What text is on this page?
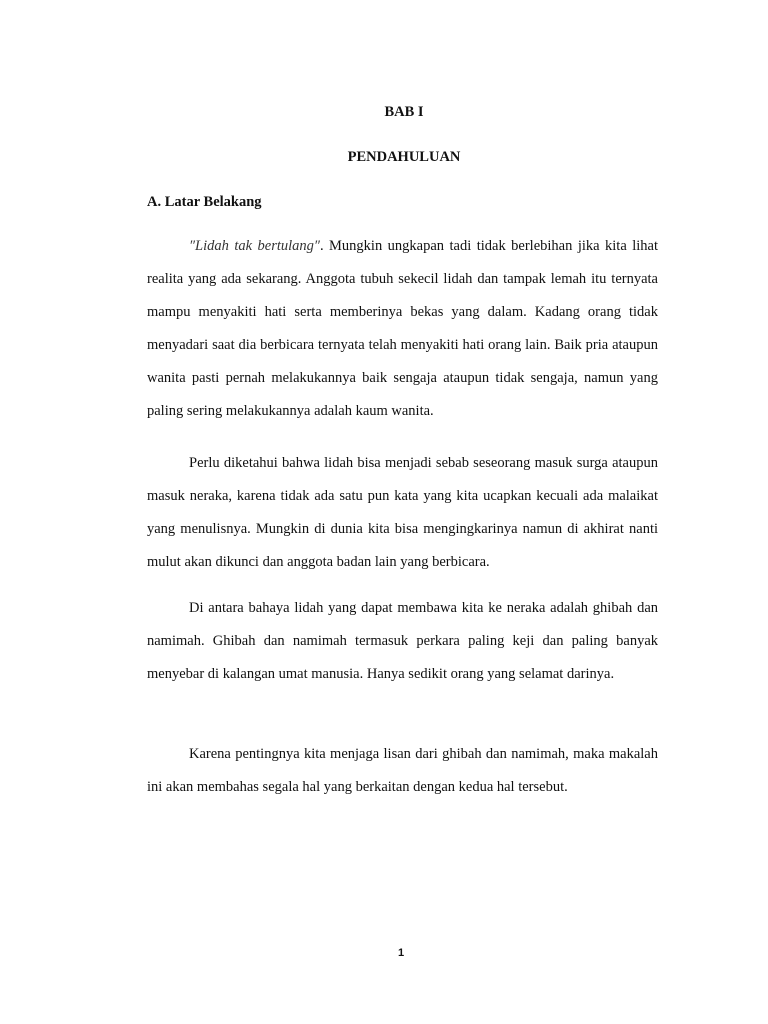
BAB I

PENDAHULUAN

A. Latar Belakang

″Lidah tak bertulang″. Mungkin ungkapan tadi tidak berlebihan jika kita lihat realita yang ada sekarang. Anggota tubuh sekecil lidah dan tampak lemah itu ternyata mampu menyakiti hati serta memberinya bekas yang dalam. Kadang orang tidak menyadari saat dia berbicara ternyata telah menyakiti hati orang lain. Baik pria ataupun wanita pasti pernah melakukannya baik sengaja ataupun tidak sengaja, namun yang paling sering melakukannya adalah kaum wanita.

Perlu diketahui bahwa lidah bisa menjadi sebab seseorang masuk surga ataupun masuk neraka, karena tidak ada satu pun kata yang kita ucapkan kecuali ada malaikat yang menulisnya. Mungkin di dunia kita bisa mengingkarinya namun di akhirat nanti mulut akan dikunci dan anggota badan lain yang berbicara.

Di antara bahaya lidah yang dapat membawa kita ke neraka adalah ghibah dan namimah. Ghibah dan namimah termasuk perkara paling keji dan paling banyak menyebar di kalangan umat manusia. Hanya sedikit orang yang selamat darinya.

Karena pentingnya kita menjaga lisan dari ghibah dan namimah, maka makalah ini akan membahas segala hal yang berkaitan dengan kedua hal tersebut.

1
